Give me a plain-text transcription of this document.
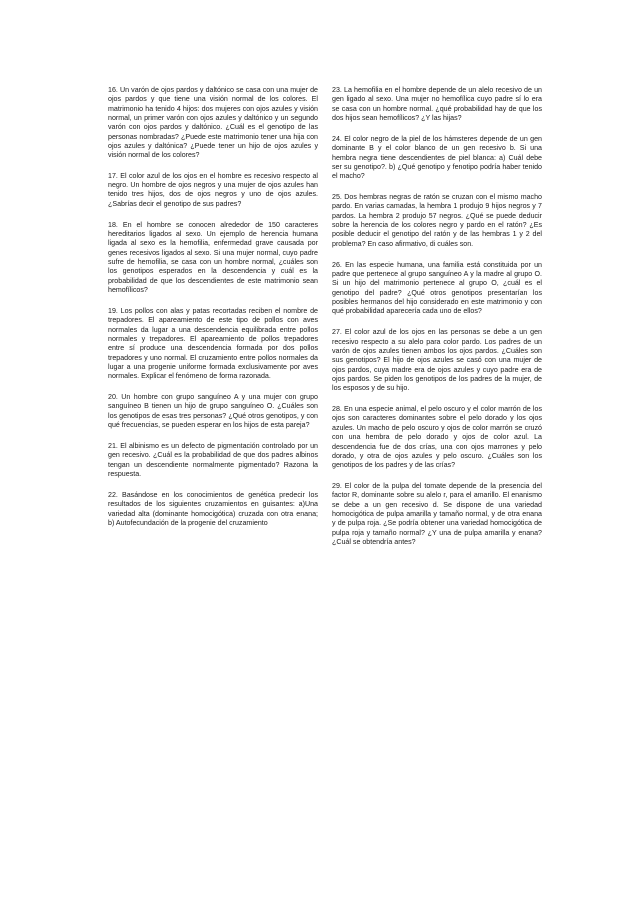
16. Un varón de ojos pardos y daltónico se casa con una mujer de ojos pardos y que tiene una visión normal de los colores. El matrimonio ha tenido 4 hijos: dos mujeres con ojos azules y visión normal, un primer varón con ojos azules y daltónico y un segundo varón con ojos pardos y daltónico. ¿Cuál es el genotipo de las personas nombradas? ¿Puede este matrimonio tener una hija con ojos azules y daltónica? ¿Puede tener un hijo de ojos azules y visión normal de los colores?

17. El color azul de los ojos en el hombre es recesivo respecto al negro. Un hombre de ojos negros y una mujer de ojos azules han tenido tres hijos, dos de ojos negros y uno de ojos azules. ¿Sabrías decir el genotipo de sus padres?

18. En el hombre se conocen alrededor de 150 caracteres hereditarios ligados al sexo. Un ejemplo de herencia humana ligada al sexo es la hemofilia, enfermedad grave causada por genes recesivos ligados al sexo. Si una mujer normal, cuyo padre sufre de hemofilia, se casa con un hombre normal, ¿cuáles son los genotipos esperados en la descendencia y cuál es la probabilidad de que los descendientes de este matrimonio sean hemofílicos?

19. Los pollos con alas y patas recortadas reciben el nombre de trepadores. El apareamiento de este tipo de pollos con aves normales da lugar a una descendencia equilibrada entre pollos normales y trepadores. El apareamiento de pollos trepadores entre sí produce una descendencia formada por dos pollos trepadores y uno normal. El cruzamiento entre pollos normales da lugar a una progenie uniforme formada exclusivamente por aves normales. Explicar el fenómeno de forma razonada.

20. Un hombre con grupo sanguíneo A y una mujer con grupo sanguíneo B tienen un hijo de grupo sanguíneo O. ¿Cuáles son los genotipos de esas tres personas? ¿Qué otros genotipos, y con qué frecuencias, se pueden esperar en los hijos de esta pareja?

21. El albinismo es un defecto de pigmentación controlado por un gen recesivo. ¿Cuál es la probabilidad de que dos padres albinos tengan un descendiente normalmente pigmentado? Razona la respuesta.

22. Basándose en los conocimientos de genética predecir los resultados de los siguientes cruzamientos en guisantes: a)Una variedad alta (dominante homocigótica) cruzada con otra enana; b) Autofecundación de la progenie del cruzamiento

23. La hemofilia en el hombre depende de un alelo recesivo de un gen ligado al sexo. Una mujer no hemofílica cuyo padre sí lo era se casa con un hombre normal. ¿qué probabilidad hay de que los dos hijos sean hemofílicos? ¿Y las hijas?

24. El color negro de la piel de los hámsteres depende de un gen dominante B y el color blanco de un gen recesivo b. Si una hembra negra tiene descendientes de piel blanca: a) Cuál debe ser su genotipo?. b) ¿Qué genotipo y fenotipo podría haber tenido el macho?

25. Dos hembras negras de ratón se cruzan con el mismo macho pardo. En varias camadas, la hembra 1 produjo 9 hijos negros y 7 pardos. La hembra 2 produjo 57 negros. ¿Qué se puede deducir sobre la herencia de los colores negro y pardo en el ratón? ¿Es posible deducir el genotipo del ratón y de las hembras 1 y 2 del problema? En caso afirmativo, di cuáles son.

26. En las especie humana, una familia está constituida por un padre que pertenece al grupo sanguíneo A y la madre al grupo O. Si un hijo del matrimonio pertenece al grupo O, ¿cuál es el genotipo del padre? ¿Qué otros genotipos presentarían los posibles hermanos del hijo considerado en este matrimonio y con qué probabilidad aparecería cada uno de ellos?

27. El color azul de los ojos en las personas se debe a un gen recesivo respecto a su alelo para color pardo. Los padres de un varón de ojos azules tienen ambos los ojos pardos. ¿Cuáles son sus genotipos? El hijo de ojos azules se casó con una mujer de ojos pardos, cuya madre era de ojos azules y cuyo padre era de ojos pardos. Se piden los genotipos de los padres de la mujer, de los esposos y de su hijo.

28. En una especie animal, el pelo oscuro y el color marrón de los ojos son caracteres dominantes sobre el pelo dorado y los ojos azules. Un macho de pelo oscuro y ojos de color marrón se cruzó con una hembra de pelo dorado y ojos de color azul. La descendencia fue de dos crías, una con ojos marrones y pelo dorado, y otra de ojos azules y pelo oscuro. ¿Cuáles son los genotipos de los padres y de las crías?

29. El color de la pulpa del tomate depende de la presencia del factor R, dominante sobre su alelo r, para el amarillo. El enanismo se debe a un gen recesivo d. Se dispone de una variedad homocigótica de pulpa amarilla y tamaño normal, y de otra enana y de pulpa roja. ¿Se podría obtener una variedad homocigótica de pulpa roja y tamaño normal? ¿Y una de pulpa amarilla y enana? ¿Cuál se obtendría antes?
